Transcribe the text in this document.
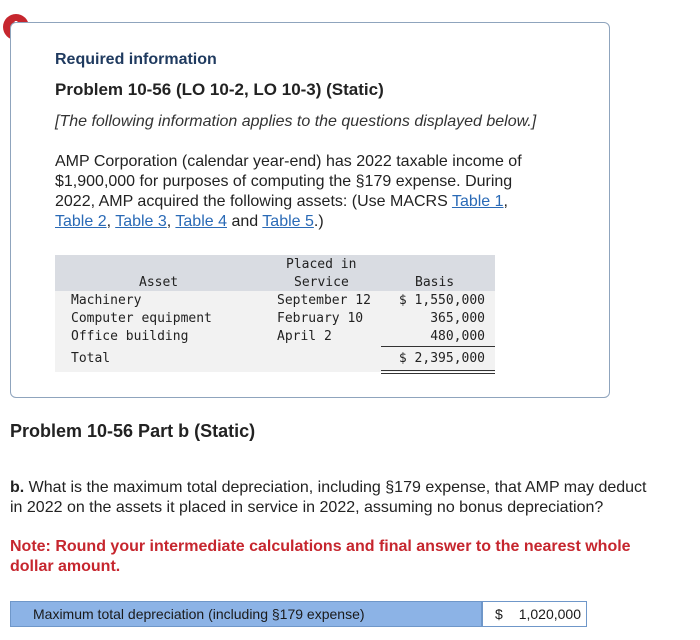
Required information
Problem 10-56 (LO 10-2, LO 10-3) (Static)
[The following information applies to the questions displayed below.]
AMP Corporation (calendar year-end) has 2022 taxable income of
$1,900,000 for purposes of computing the §179 expense. During
2022, AMP acquired the following assets: (Use MACRS Table 1,
Table 2, Table 3, Table 4 and Table 5.)
Asset
Placed in
Service	Basis
Machinery	September 12 $ 1,550,000
Computer equipment	February 10	365,000
Office building	April 2	480,000
Total	$ 2,395,000
Problem 10-56 Part b (Static)
b. What is the maximum total depreciation, including §179 expense, that AMP may deduct in 2022 on the assets it placed in service in 2022, assuming no bonus depreciation?
Note: Round your intermediate calculations and final answer to the nearest whole dollar amount.
Maximum total depreciation (including §179 expense)	$ 1,020,000
